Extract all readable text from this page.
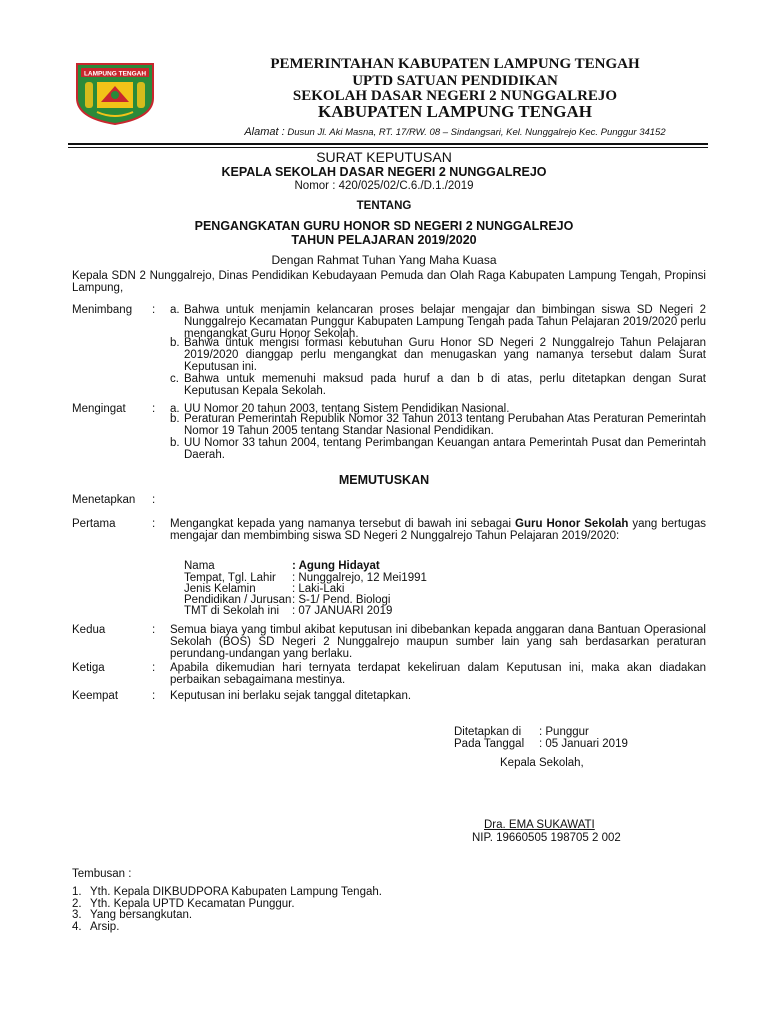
LAMPUNG TENGAH
PEMERINTAHAN KABUPATEN LAMPUNG TENGAH
UPTD SATUAN PENDIDIKAN
SEKOLAH DASAR NEGERI 2 NUNGGALREJO
KABUPATEN LAMPUNG TENGAH
Alamat : Dusun Jl. Aki Masna, RT. 17/RW. 08 – Sindangsari, Kel. Nunggalrejo Kec. Punggur 34152
SURAT KEPUTUSAN
KEPALA SEKOLAH DASAR NEGERI 2 NUNGGALREJO
Nomor : 420/025/02/C.6./D.1./2019
TENTANG
PENGANGKATAN GURU HONOR SD NEGERI 2 NUNGGALREJO
TAHUN PELAJARAN 2019/2020
Dengan Rahmat Tuhan Yang Maha Kuasa
Kepala SDN 2 Nunggalrejo, Dinas Pendidikan Kebudayaan Pemuda dan Olah Raga Kabupaten Lampung Tengah, Propinsi Lampung,
Menimbang : a. Bahwa untuk menjamin kelancaran proses belajar mengajar dan bimbingan siswa SD Negeri 2 Nunggalrejo Kecamatan Punggur Kabupaten Lampung Tengah pada Tahun Pelajaran 2019/2020 perlu mengangkat Guru Honor Sekolah.
b. Bahwa untuk mengisi formasi kebutuhan Guru Honor SD Negeri 2 Nunggalrejo Tahun Pelajaran 2019/2020 dianggap perlu mengangkat dan menugaskan yang namanya tersebut dalam Surat Keputusan ini.
c. Bahwa untuk memenuhi maksud pada huruf a dan b di atas, perlu ditetapkan dengan Surat Keputusan Kepala Sekolah.
Mengingat : a. UU Nomor 20 tahun 2003, tentang Sistem Pendidikan Nasional.
b. Peraturan Pemerintah Republik Nomor 32 Tahun 2013 tentang Perubahan Atas Peraturan Pemerintah Nomor 19 Tahun 2005 tentang Standar Nasional Pendidikan.
b. UU Nomor 33 tahun 2004, tentang Perimbangan Keuangan antara Pemerintah Pusat dan Pemerintah Daerah.
MEMUTUSKAN
Menetapkan :
Pertama	: Mengangkat kepada yang namanya tersebut di bawah ini sebagai Guru Honor Sekolah yang bertugas mengajar dan membimbing siswa SD Negeri 2 Nunggalrejo Tahun Pelajaran 2019/2020:
Nama	: Agung Hidayat
Tempat, Tgl. Lahir : Nunggalrejo, 12 Mei1991
Jenis Kelamin	: Laki-Laki
Pendidikan / Jurusan : S-1/ Pend. Biologi
TMT di Sekolah ini : 07 JANUARI 2019
Kedua	: Semua biaya yang timbul akibat keputusan ini dibebankan kepada anggaran dana Bantuan Operasional Sekolah (BOS) SD Negeri 2 Nunggalrejo maupun sumber lain yang sah berdasarkan peraturan perundang-undangan yang berlaku.
Ketiga	: Apabila dikemudian hari ternyata terdapat kekeliruan dalam Keputusan ini, maka akan diadakan perbaikan sebagaimana mestinya.
Keempat	: Keputusan ini berlaku sejak tanggal ditetapkan.
Ditetapkan di : Punggur
Pada Tanggal : 05 Januari 2019
Kepala Sekolah,
Dra. EMA SUKAWATI
NIP. 19660505 198705 2 002
Tembusan :
1. Yth. Kepala DIKBUDPORA Kabupaten Lampung Tengah.
2. Yth. Kepala UPTD Kecamatan Punggur.
3. Yang bersangkutan.
4. Arsip.
